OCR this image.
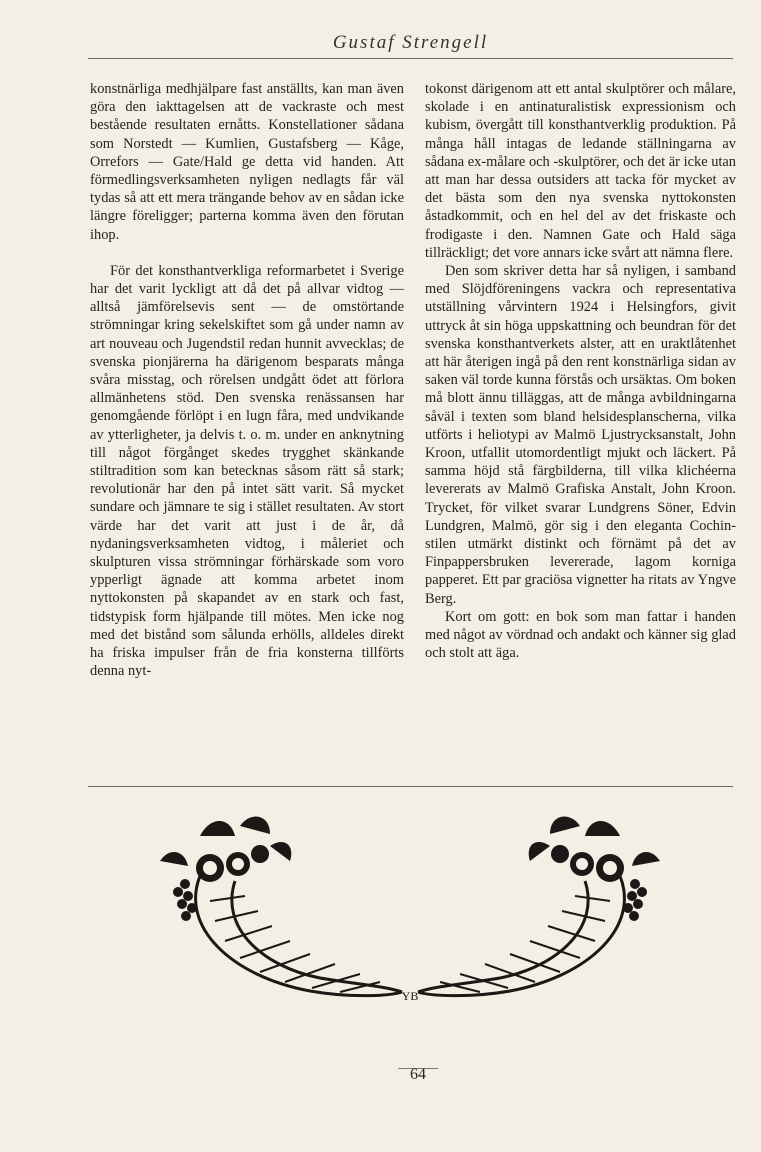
Gustaf Strengell

konstnärliga medhjälpare fast anställts, kan man även göra den iakttagelsen att de vackraste och mest bestående resultaten ernåtts. Konstellationer sådana som Norstedt — Kumlien, Gustafsberg — Kåge, Orrefors — Gate/Hald ge detta vid handen. Att förmedlingsverksamheten nyligen nedlagts får väl tydas så att ett mera trängande behov av en sådan icke längre föreligger; parterna komma även den förutan ihop.

För det konsthantverkliga reformarbetet i Sverige har det varit lyckligt att då det på allvar vidtog — alltså jämförelsevis sent — de omstörtande strömningar kring sekelskiftet som gå under namn av art nouveau och Jugendstil redan hunnit avvecklas; de svenska pionjärerna ha därigenom besparats många svåra misstag, och rörelsen undgått ödet att förlora allmänhetens stöd. Den svenska renässansen har genomgående förlöpt i en lugn fåra, med undvikande av ytterligheter, ja delvis t. o. m. under en anknytning till något förgånget skedes trygghet skänkande stiltradition som kan betecknas såsom rätt så stark; revolutionär har den på intet sätt varit. Så mycket sundare och jämnare te sig i stället resultaten. Av stort värde har det varit att just i de år, då nydaningsverksamheten vidtog, i måleriet och skulpturen vissa strömningar förhärskade som voro ypperligt ägnade att komma arbetet inom nyttokonsten på skapandet av en stark och fast, tidstypisk form hjälpande till mötes. Men icke nog med det bistånd som sålunda erhölls, alldeles direkt ha friska impulser från de fria konsterna tillförts denna nyt-

tokonst därigenom att ett antal skulptörer och målare, skolade i en antinaturalistisk expressionism och kubism, övergått till konsthantverklig produktion. På många håll intagas de ledande ställningarna av sådana ex-målare och -skulptörer, och det är icke utan att man har dessa outsiders att tacka för mycket av det bästa som den nya svenska nyttokonsten åstadkommit, och en hel del av det friskaste och frodigaste i den. Namnen Gate och Hald säga tillräckligt; det vore annars icke svårt att nämna flere.

Den som skriver detta har så nyligen, i samband med Slöjdföreningens vackra och representativa utställning vårvintern 1924 i Helsingfors, givit uttryck åt sin höga uppskattning och beundran för det svenska konsthantverkets alster, att en uraktlåtenhet att här återigen ingå på den rent konstnärliga sidan av saken väl torde kunna förstås och ursäktas. Om boken må blott ännu tilläggas, att de många avbildningarna såväl i texten som bland helsidesplanscherna, vilka utförts i heliotypi av Malmö Ljustrycksanstalt, John Kroon, utfallit utomordentligt mjukt och läckert. På samma höjd stå färgbilderna, till vilka klichéerna levererats av Malmö Grafiska Anstalt, John Kroon. Trycket, för vilket svarar Lundgrens Söner, Edvin Lundgren, Malmö, gör sig i den eleganta Cochin-stilen utmärkt distinkt och förnämt på det av Finpappersbruken levererade, lagom korniga papperet. Ett par graciösa vignetter ha ritats av Yngve Berg.

Kort om gott: en bok som man fattar i handen med något av vördnad och andakt och känner sig glad och stolt att äga.

YB
64
